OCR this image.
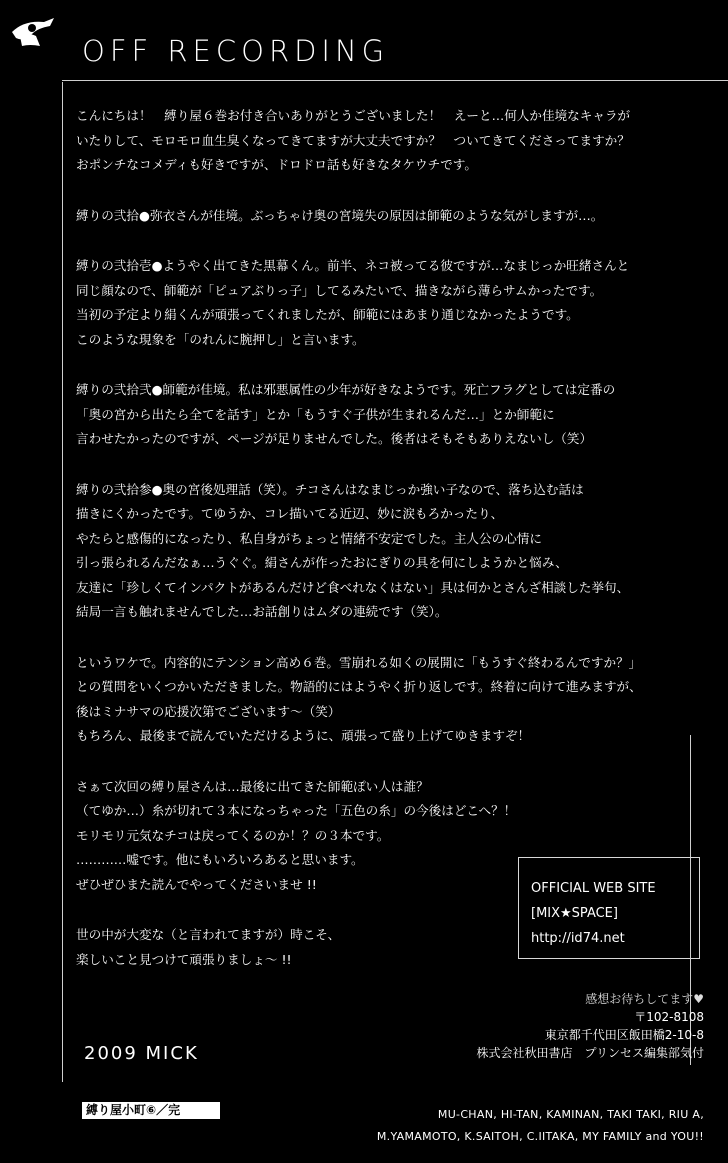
OFF RECORDING

こんにちは！　縛り屋６巻お付き合いありがとうございました！　えーと…何人か佳境なキャラが

いたりして、モロモロ血生臭くなってきてますが大丈夫ですか？　ついてきてくださってますか？

おポンチなコメディも好きですが、ドロドロ話も好きなタケウチです。

縛りの弐拾●弥衣さんが佳境。ぶっちゃけ奥の宮境失の原因は師範のような気がしますが…。

縛りの弐拾壱●ようやく出てきた黒幕くん。前半、ネコ被ってる彼ですが…なまじっか旺緒さんと

同じ顔なので、師範が「ピュアぶりっ子」してるみたいで、描きながら薄らサムかったです。

当初の予定より絹くんが頑張ってくれましたが、師範にはあまり通じなかったようです。

このような現象を「のれんに腕押し」と言います。

縛りの弐拾弐●師範が佳境。私は邪悪属性の少年が好きなようです。死亡フラグとしては定番の

「奥の宮から出たら全てを話す」とか「もうすぐ子供が生まれるんだ…」とか師範に

言わせたかったのですが、ページが足りませんでした。後者はそもそもありえないし（笑）

縛りの弐拾参●奥の宮後処理話（笑）。チコさんはなまじっか強い子なので、落ち込む話は

描きにくかったです。てゆうか、コレ描いてる近辺、妙に涙もろかったり、

やたらと感傷的になったり、私自身がちょっと情緒不安定でした。主人公の心情に

引っ張られるんだなぁ…うぐぐ。絹さんが作ったおにぎりの具を何にしようかと悩み、

友達に「珍しくてインパクトがあるんだけど食べれなくはない」具は何かとさんざ相談した挙句、

結局一言も触れませんでした…お話創りはムダの連続です（笑）。

というワケで。内容的にテンション高め６巻。雪崩れる如くの展開に「もうすぐ終わるんですか？」

との質問をいくつかいただきました。物語的にはようやく折り返しです。終着に向けて進みますが、

後はミナサマの応援次第でございます～（笑）

もちろん、最後まで読んでいただけるように、頑張って盛り上げてゆきますぞ！

さぁて次回の縛り屋さんは…最後に出てきた師範ぽい人は誰？

（てゆか…）糸が切れて３本になっちゃった「五色の糸」の今後はどこへ？！

モリモリ元気なチコは戻ってくるのか！？の３本です。

…………嘘です。他にもいろいろあると思います。

ぜひぜひまた読んでやってくださいませ !!

世の中が大変な（と言われてますが）時こそ、

楽しいこと見つけて頑張りましょ～ !!

OFFICIAL WEB SITE
[MIX★SPACE]
http://id74.net
感想お待ちしてます♥
〒102-8108
東京都千代田区飯田橋2-10-8
株式会社秋田書店　プリンセス編集部気付
2009 MICK
縛り屋小町⑥／完	MU-CHAN, HI-TAN, KAMINAN, TAKI TAKI, RIU A,
M.YAMAMOTO, K.SAITOH, C.IITAKA, MY FAMILY and YOU!!
